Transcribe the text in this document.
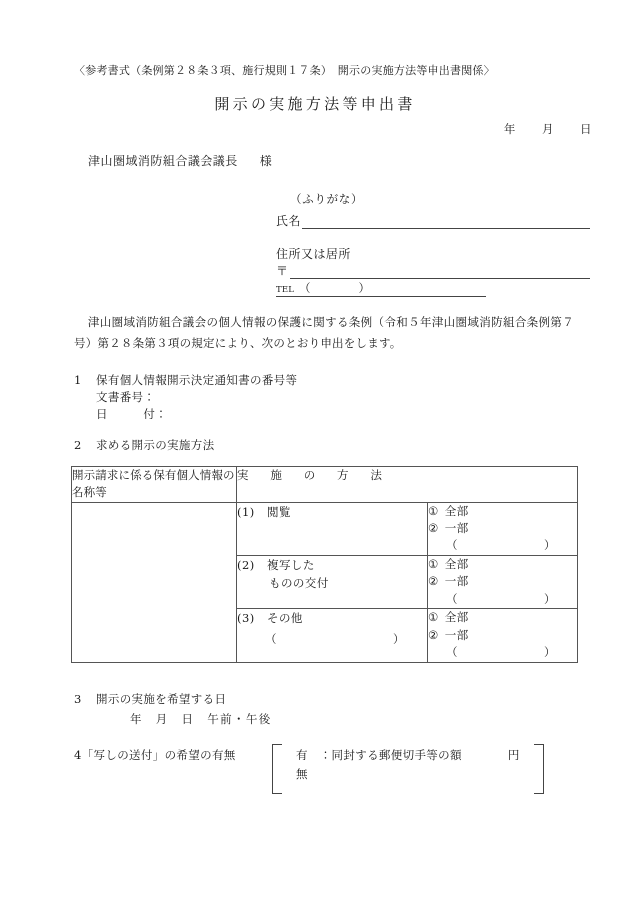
〈参考書式（条例第２８条３項、施行規則１７条）　開示の実施方法等申出書関係〉
開示の実施方法等申出書
年 月 日
津山圏域消防組合議会議長 様
（ふりがな）
氏名
住所又は居所
〒
TEL （	）
津山圏域消防組合議会の個人情報の保護に関する条例（令和５年津山圏域消防組合条例第７号）第２８条第３項の規定により、次のとおり申出をします。
1 保有個人情報開示決定通知書の番号等
文書番号：
日　　　付：
2 求める開示の実施方法
開示請求に係る保有個人情報の名称等	実　施　の　方　法	
	(1) 閲覧	① 全部
② 一部
（ ）

	(2) 複写した
ものの交付	① 全部
② 一部
（ ）

	(3) その他
（ ）	① 全部
② 一部
（ ）
3 開示の実施を希望する日
年　月　日　午前・午後
4「写しの送付」の希望の有無	有　：同封する郵便切手等の額	円
無
